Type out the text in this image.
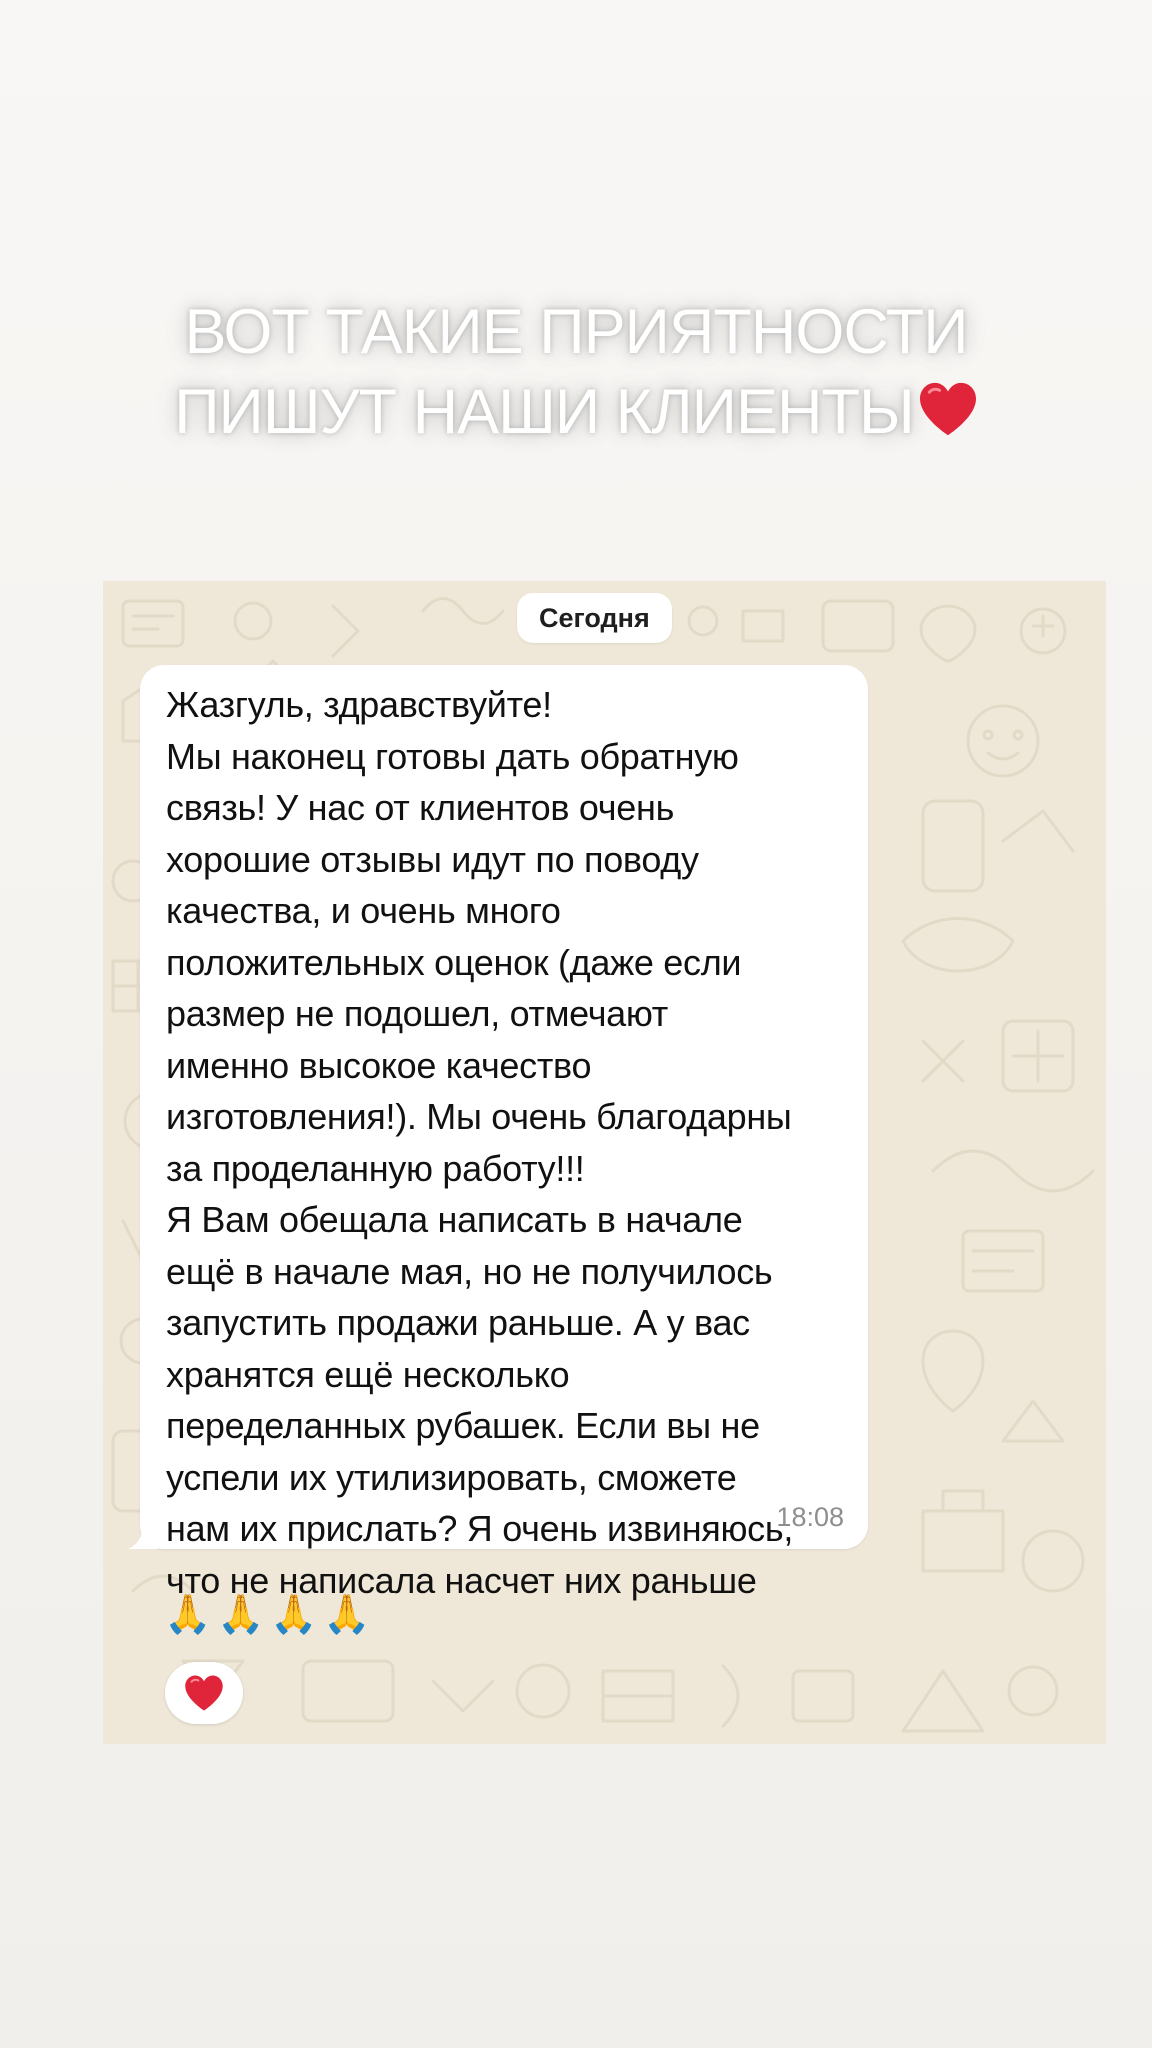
ВОТ ТАКИЕ ПРИЯТНОСТИ
ПИШУТ НАШИ КЛИЕНТЫ
Сегодня
Жазгуль, здравствуйте!
Мы наконец готовы дать обратную
связь! У нас от клиентов очень
хорошие отзывы идут по поводу
качества, и очень много
положительных оценок (даже если
размер не подошел, отмечают
именно высокое качество
изготовления!). Мы очень благодарны
за проделанную работу!!!
Я Вам обещала написать в начале
ещё в начале мая, но не получилось
запустить продажи раньше. А у вас
хранятся ещё несколько
переделанных рубашек. Если вы не
успели их утилизировать, сможете
нам их прислать? Я очень извиняюсь,
что не написала насчет них раньше
🙏 🙏 🙏 🙏
18:08
